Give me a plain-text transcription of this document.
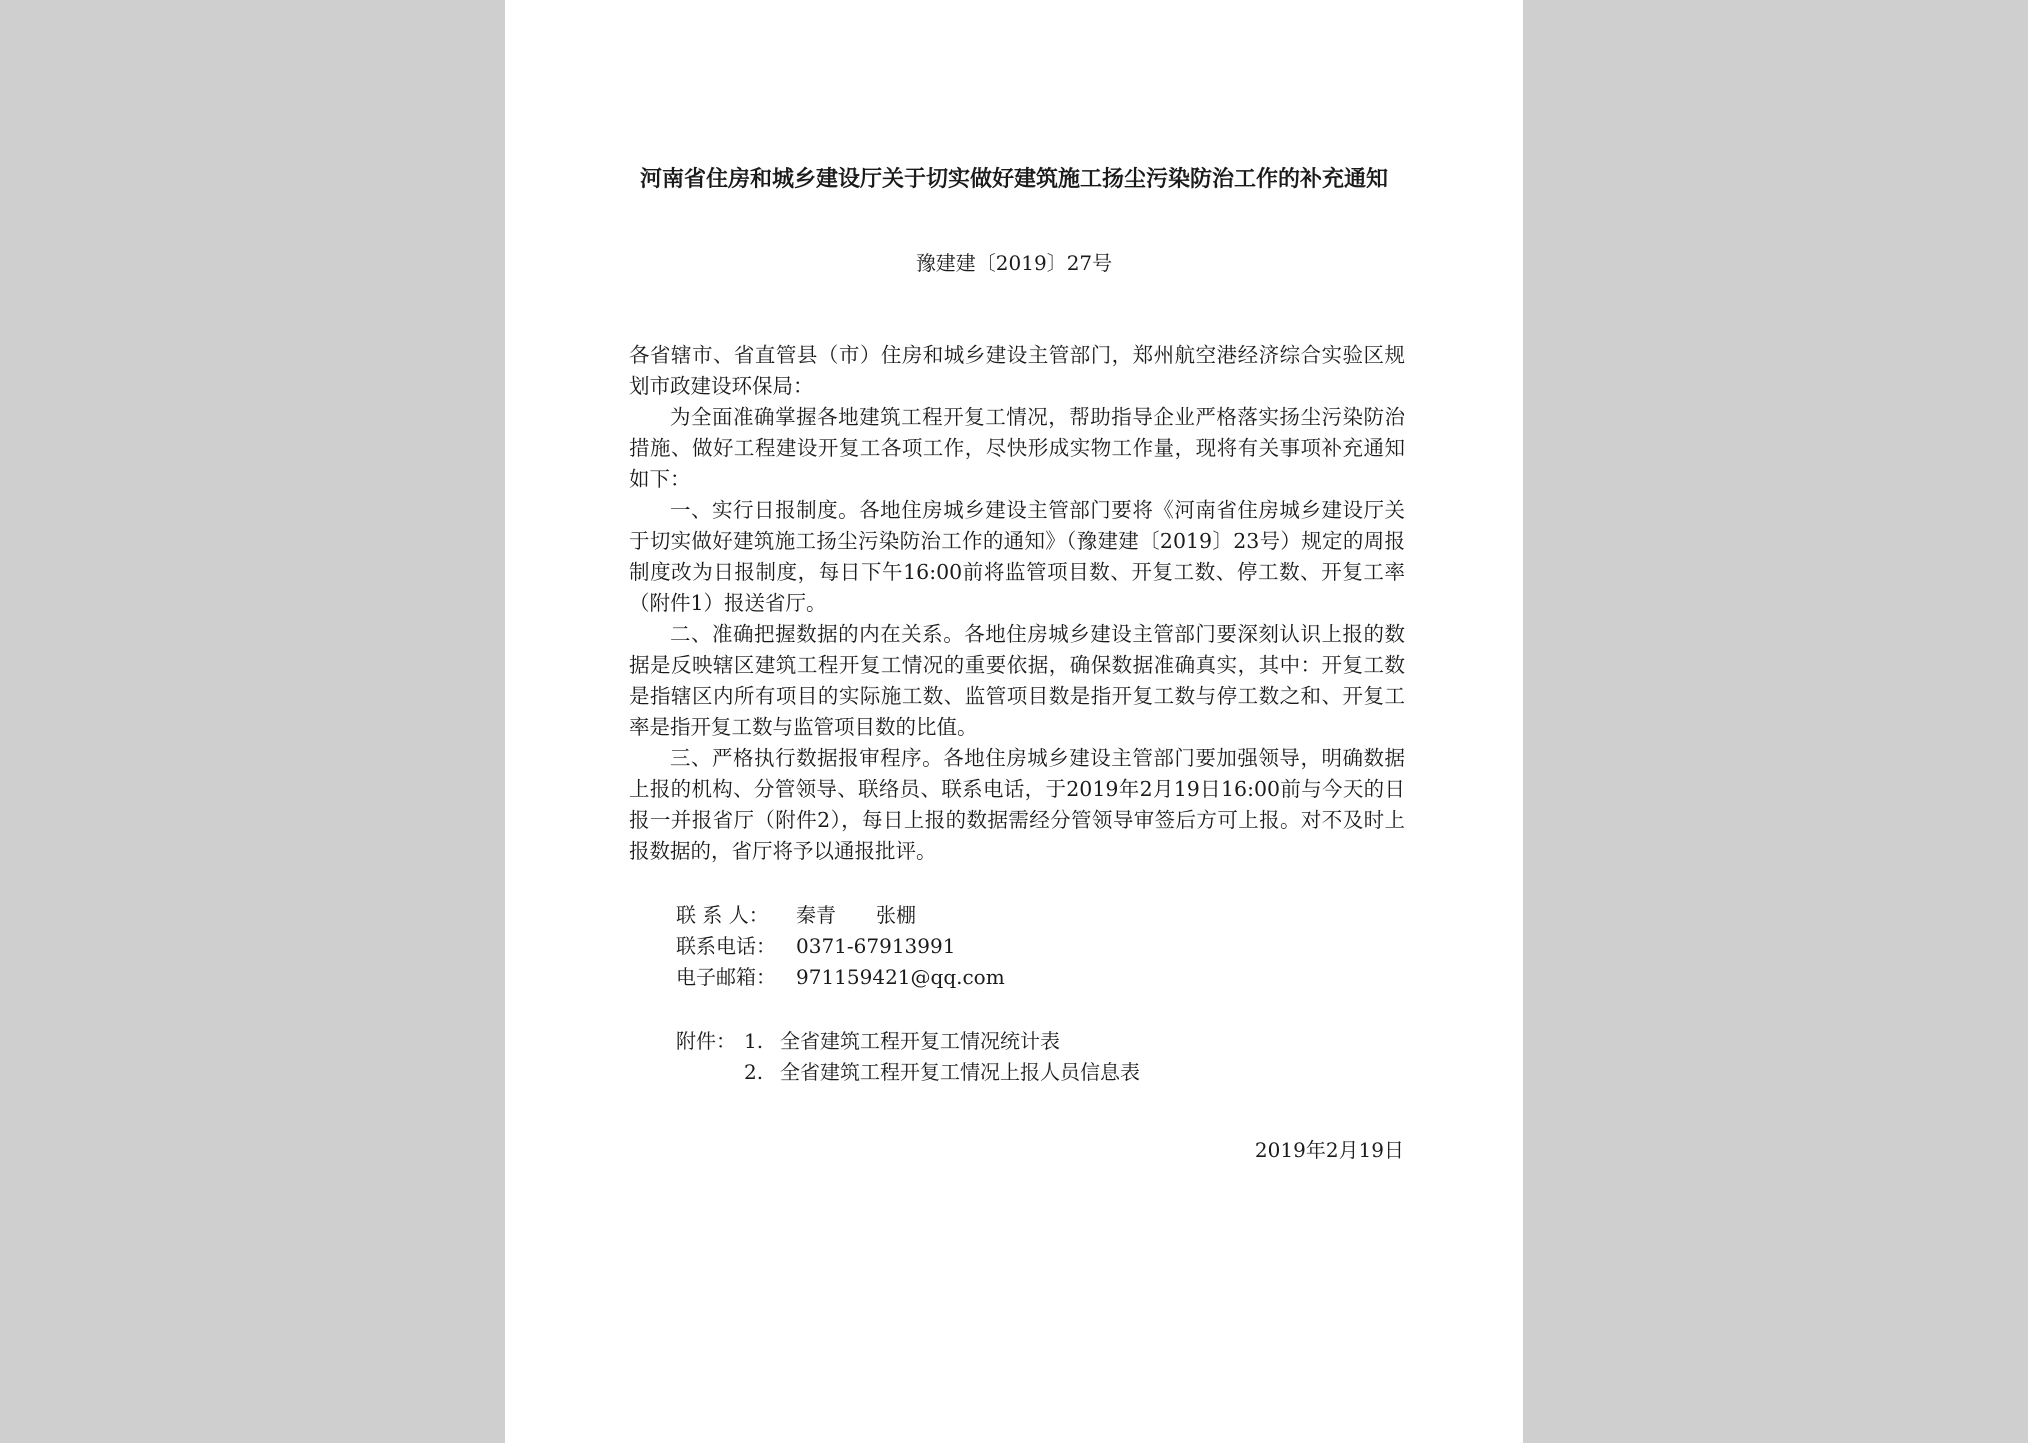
河南省住房和城乡建设厅关于切实做好建筑施工扬尘污染防治工作的补充通知
豫建建〔2019〕27号

各省辖市、省直管县（市）住房和城乡建设主管部门，郑州航空港经济综合实验区规划市政建设环保局：

为全面准确掌握各地建筑工程开复工情况，帮助指导企业严格落实扬尘污染防治措施、做好工程建设开复工各项工作，尽快形成实物工作量，现将有关事项补充通知如下：

一、实行日报制度。各地住房城乡建设主管部门要将《河南省住房城乡建设厅关于切实做好建筑施工扬尘污染防治工作的通知》（豫建建〔2019〕23号）规定的周报制度改为日报制度，每日下午16:00前将监管项目数、开复工数、停工数、开复工率（附件1）报送省厅。

二、准确把握数据的内在关系。各地住房城乡建设主管部门要深刻认识上报的数据是反映辖区建筑工程开复工情况的重要依据，确保数据准确真实，其中：开复工数是指辖区内所有项目的实际施工数、监管项目数是指开复工数与停工数之和、开复工率是指开复工数与监管项目数的比值。

三、严格执行数据报审程序。各地住房城乡建设主管部门要加强领导，明确数据上报的机构、分管领导、联络员、联系电话，于2019年2月19日16:00前与今天的日报一并报省厅（附件2），每日上报的数据需经分管领导审签后方可上报。对不及时上报数据的，省厅将予以通报批评。

联 系 人：	秦青　　张棚
联系电话：	0371-67913991
电子邮箱：	971159421@qq.com
附件： 1. 全省建筑工程开复工情况统计表
2. 全省建筑工程开复工情况上报人员信息表
2019年2月19日
